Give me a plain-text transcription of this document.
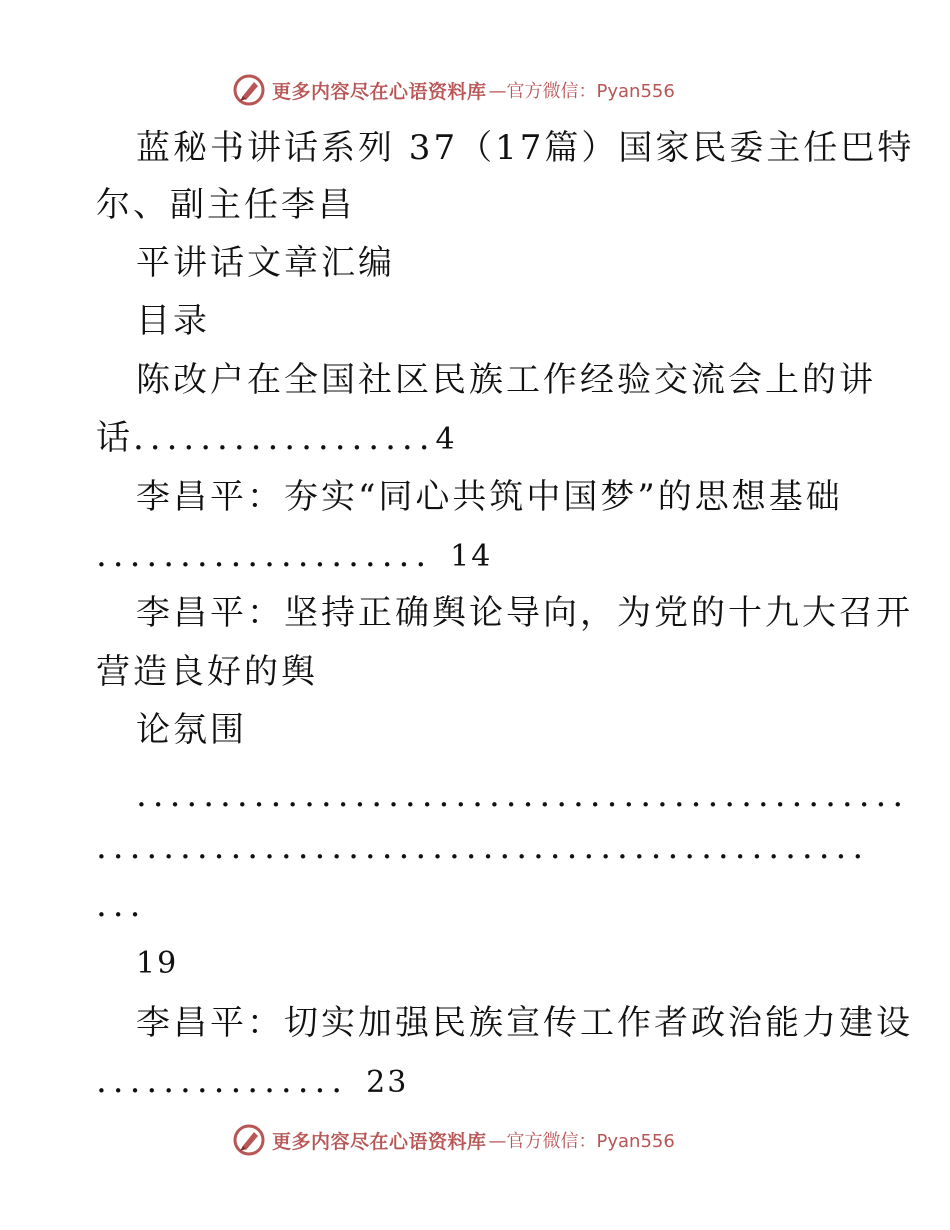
更多内容尽在心语资料库 —官方微信：Pyan556
蓝秘书讲话系列 37（17篇）国家民委主任巴特
尔、副主任李昌
平讲话文章汇编
目录
陈改户在全国社区民族工作经验交流会上的讲
话..................4
李昌平：夯实“同心共筑中国梦”的思想基础
.................... 14
李昌平：坚持正确舆论导向，为党的十九大召开
营造良好的舆
论氛围
..............................................
..............................................
...
19
李昌平：切实加强民族宣传工作者政治能力建设
............... 23
更多内容尽在心语资料库 —官方微信：Pyan556
